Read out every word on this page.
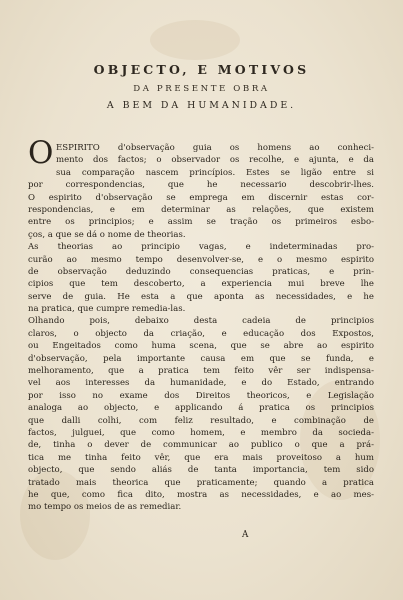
OBJECTO, E MOTIVOS
DA PRESENTE OBRA
A BEM DA HUMANIDADE.
O ESPIRITO d'observação guia os homens ao conheci-
mento dos factos; o observador os recolhe, e ajunta, e da
sua comparação nascem princípios. Estes se ligão entre si
por correspondencias, que he necessario descobrir-lhes.
O espirito d'observação se emprega em discernir estas cor-
respondencias, e em determinar as relações, que existem
entre os principios; e assim se tração os primeiros esbo-
ços, a que se dá o nome de theorias.
As theorias ao principio vagas, e indeterminadas pro-
curão ao mesmo tempo desenvolver-se, e o mesmo espirito
de observação deduzindo consequencias praticas, e prin-
cipios que tem descoberto, a experiencia mui breve lhe
serve de guia. He esta a que aponta as necessidades, e he
na pratica, que cumpre remedia-las.
Olhando pois, debaixo desta cadeia de principios
claros, o objecto da criação, e educação dos Expostos,
ou Engeitados como huma scena, que se abre ao espirito
d'observação, pela importante causa em que se funda, e
melhoramento, que a pratica tem feito vêr ser indispensa-
vel aos interesses da humanidade, e do Estado, entrando
por isso no exame dos Direitos theoricos, e Legislação
analoga ao objecto, e applicando á pratica os principios
que dalli colhi, com feliz resultado, e combinação de
factos, julguei, que como homem, e membro da socieda-
de, tinha o dever de communicar ao publico o que a prá-
tica me tinha feito vêr, que era mais proveitoso a hum
objecto, que sendo aliás de tanta importancia, tem sido
tratado mais theorica que praticamente; quando a pratica
he que, como fica dito, mostra as necessidades, e ao mes-
mo tempo os meios de as remediar.
A
